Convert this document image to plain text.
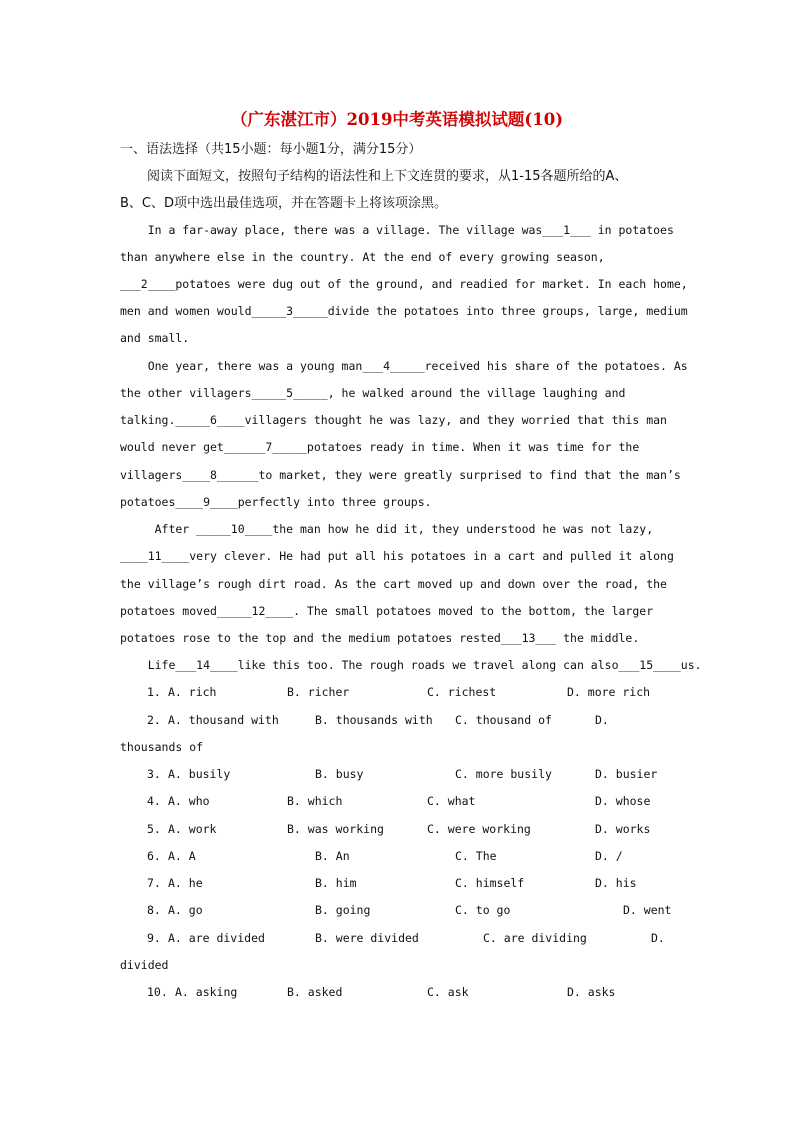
（广东湛江市）2019中考英语模拟试题(10)
一、语法选择（共15小题：每小题1分，满分15分）
阅读下面短文，按照句子结构的语法性和上下文连贯的要求，从1-15各题所给的A、
B、C、D项中选出最佳选项，并在答题卡上将该项涂黑。
In a far-away place, there was a village. The village was___1___ in potatoes
than anywhere else in the country. At the end of every growing season,
___2____potatoes were dug out of the ground, and readied for market. In each home,
men and women would_____3_____divide the potatoes into three groups, large, medium
and small.
One year, there was a young man___4_____received his share of the potatoes. As
the other villagers_____5_____, he walked around the village laughing and
talking._____6____villagers thought he was lazy, and they worried that this man
would never get______7_____potatoes ready in time. When it was time for the
villagers____8______to market, they were greatly surprised to find that the man’s
potatoes____9____perfectly into three groups.
After _____10____the man how he did it, they understood he was not lazy,
____11____very clever. He had put all his potatoes in a cart and pulled it along
the village’s rough dirt road. As the cart moved up and down over the road, the
potatoes moved_____12____. The small potatoes moved to the bottom, the larger
potatoes rose to the top and the medium potatoes rested___13___ the middle.
Life___14____like this too. The rough roads we travel along can also___15____us.
1. A. rich	B. richer	C. richest	D. more rich
2. A. thousand with	B. thousands with C. thousand of	D.
thousands of
3. A. busily	B. busy	C. more busily	D. busier
4. A. who	B. which	C. what	D. whose
5. A. work	B. was working	C. were working	D. works
6. A. A	B. An	C. The	D. /
7. A. he	B. him	C. himself	D. his
8. A. go	B. going	C. to go	D. went
9. A. are divided	B. were divided	C. are dividing	D.
divided
10. A. asking	B. asked	C. ask	D. asks
